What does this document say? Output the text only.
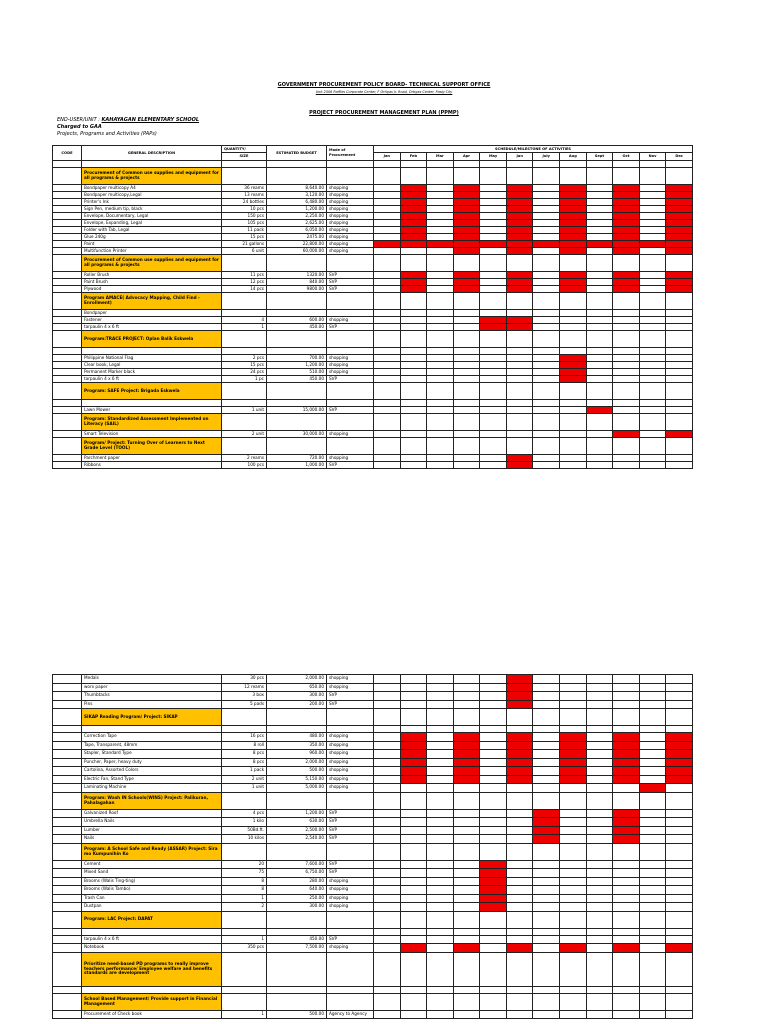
GOVERNMENT PROCUREMENT POLICY BOARD- TECHNICAL SUPPORT OFFICE
Unit 2506 Raffles Corporate Center, F Ortigas Jr. Road, Ortigas Center, Pasig City
PROJECT PROCUREMENT MANAGEMENT PLAN (PPMP)
END-USER/UNIT : KAHAYAGAN ELEMENTARY SCHOOL
Charged to GAA
Projects, Programs and Activities (PAPs)
CODE	GENERAL DESCRIPTION	QUANTITY/	ESTIMATED BUDGET	Mode of Procurement	SCHEDULE/MILESTONE OF ACTIVITIES											
		SIZE			Jan	Feb	Mar	Apr	May	Jun	July	Aug	Sept	Oct	Nov	Dec

	Procurement of Common use supplies and equipment for all programs & projects															
	Bondpaper multicopy A4	36 reams	8,640.00	shopping												
	Bondpaper multicopy,Legal	13 reams	3,120.00	shopping												
	Printer's Ink	24 bottles	6,480.00	shopping												
	Sign Pen, medium tip, black	10 pcs	1,200.00	shopping												
	Envelope, Documentary, Legal	150 pcs	2,250.00	shopping												
	Envelope, Expanding, Legal	105 pcs	2,625.00	shopping												
	Folder with Tab, Legal	11 pack	6,050.00	shopping												
	Glue 240g	15 pcs	2475.00	shopping												
	Paint	21 gallons	22,800.00	shopping												
	Multifunction Printer	6 unit	60,000.00	shopping												
	Procurement of Common use supplies and equipment for all programs & projects															
	Roller Brush	11 pcs	1320.00	SVP												
	Paint Brush	12 pcs	840.00	SVP												
	Plywood	14 pcs	9800.00	SVP												
	Program AMACE( Advocacy Mapping, Child Find - Enrollment)															
	Bondpaper															
	Fastener	4	600.00	shopping												
	tarpaulin 4 x 6 ft	1	450.00	SVP												
	Program:TRACE PROJECT: Oplan Balik Eskwela															

	Philippine National Flag	2 pcs	700.00	shopping												
	Clear book, Legal	15 pcs	1,200.00	shopping												
	Permanent Marker black	24 pcs	510.00	shopping												
	tarpaulin 4 x 6 ft	1 pc	450.00	SVP												
	Program: SAFE Project: Brigada Eskwela															

	Lawn Mower	1 unit	15,000.00	SVP												
	Program: Standardized Assessment Implemented on Literacy (SAIL)															
	Smart Television	2 unit	30,000.00	shopping												
	Program/ Project: Turning Over of Learners to Next Grade Level (TOOL)															
	Parchment paper	2 reams	720.00	shopping												
	Ribbons	100 pcs	1,000.00	SVP												
	Medals	30 pcs	2,000.00	shopping												
	worx paper	12 reams	650.00	shopping												
	Thumbtacks	3 box	300.00	SVP												
	Pins	5 pads	200.00	SVP												
	SIKAP Reading Program/ Project: SIKAP															

	Correction Tape	16 pcs	480.00	shopping												
	Tape, Transparent, 48mm	8 roll	350.00	shopping												
	Stapler, Standard Type	8 pcs	960.00	shopping												
	Puncher, Paper, heavy duty	8 pcs	2,000.00	shopping												
	Cartolina, Assorted Colors	1 pack	500.00	shopping												
	Electric Fan, Stand Type	2 unit	5,150.00	shopping												
	Laminating Machine	1 unit	5,000.00	shopping												
	Program: Wash IN Schools(WINS) Project: Palikuran, Pahalagahan															
	Galvanized Roof	4 pcs	1,200.00	SVP												
	Umbrella Nails	1 kilo	630.00	SVP												
	Lumber	50Bd.ft.	2,500.00	SVP												
	Nails	10 kilos	2,540.00	SVP												
	Program: A School Safe and Ready (ASSAR) Project: Sira mo Kumpunihin Ko															
	Cement	20	7,600.00	SVP												
	Mixed Sand	75	6,750.00	SVP												
	Brooms (Walis Ting-ting)	8	280.00	shopping												
	Brooms (Walis Tambo)	8	640.00	shopping												
	Trash Can	1	250.00	shopping												
	Dustpan	2	300.00	shopping												
	Program: LAC Project: DAPAT															

	tarpaulin 4 x 6 ft	1	450.00	SVP												
	Notebook	350 pcs	7,500.00	shopping												
	Prioritize need-based PD programs to really improve teachers performance/ Employee welfare and benefits standards are development															

	School Based Management/ Provide support in Financial Management															
	Procurement of Check book	1	500.00	Agency to Agency												
